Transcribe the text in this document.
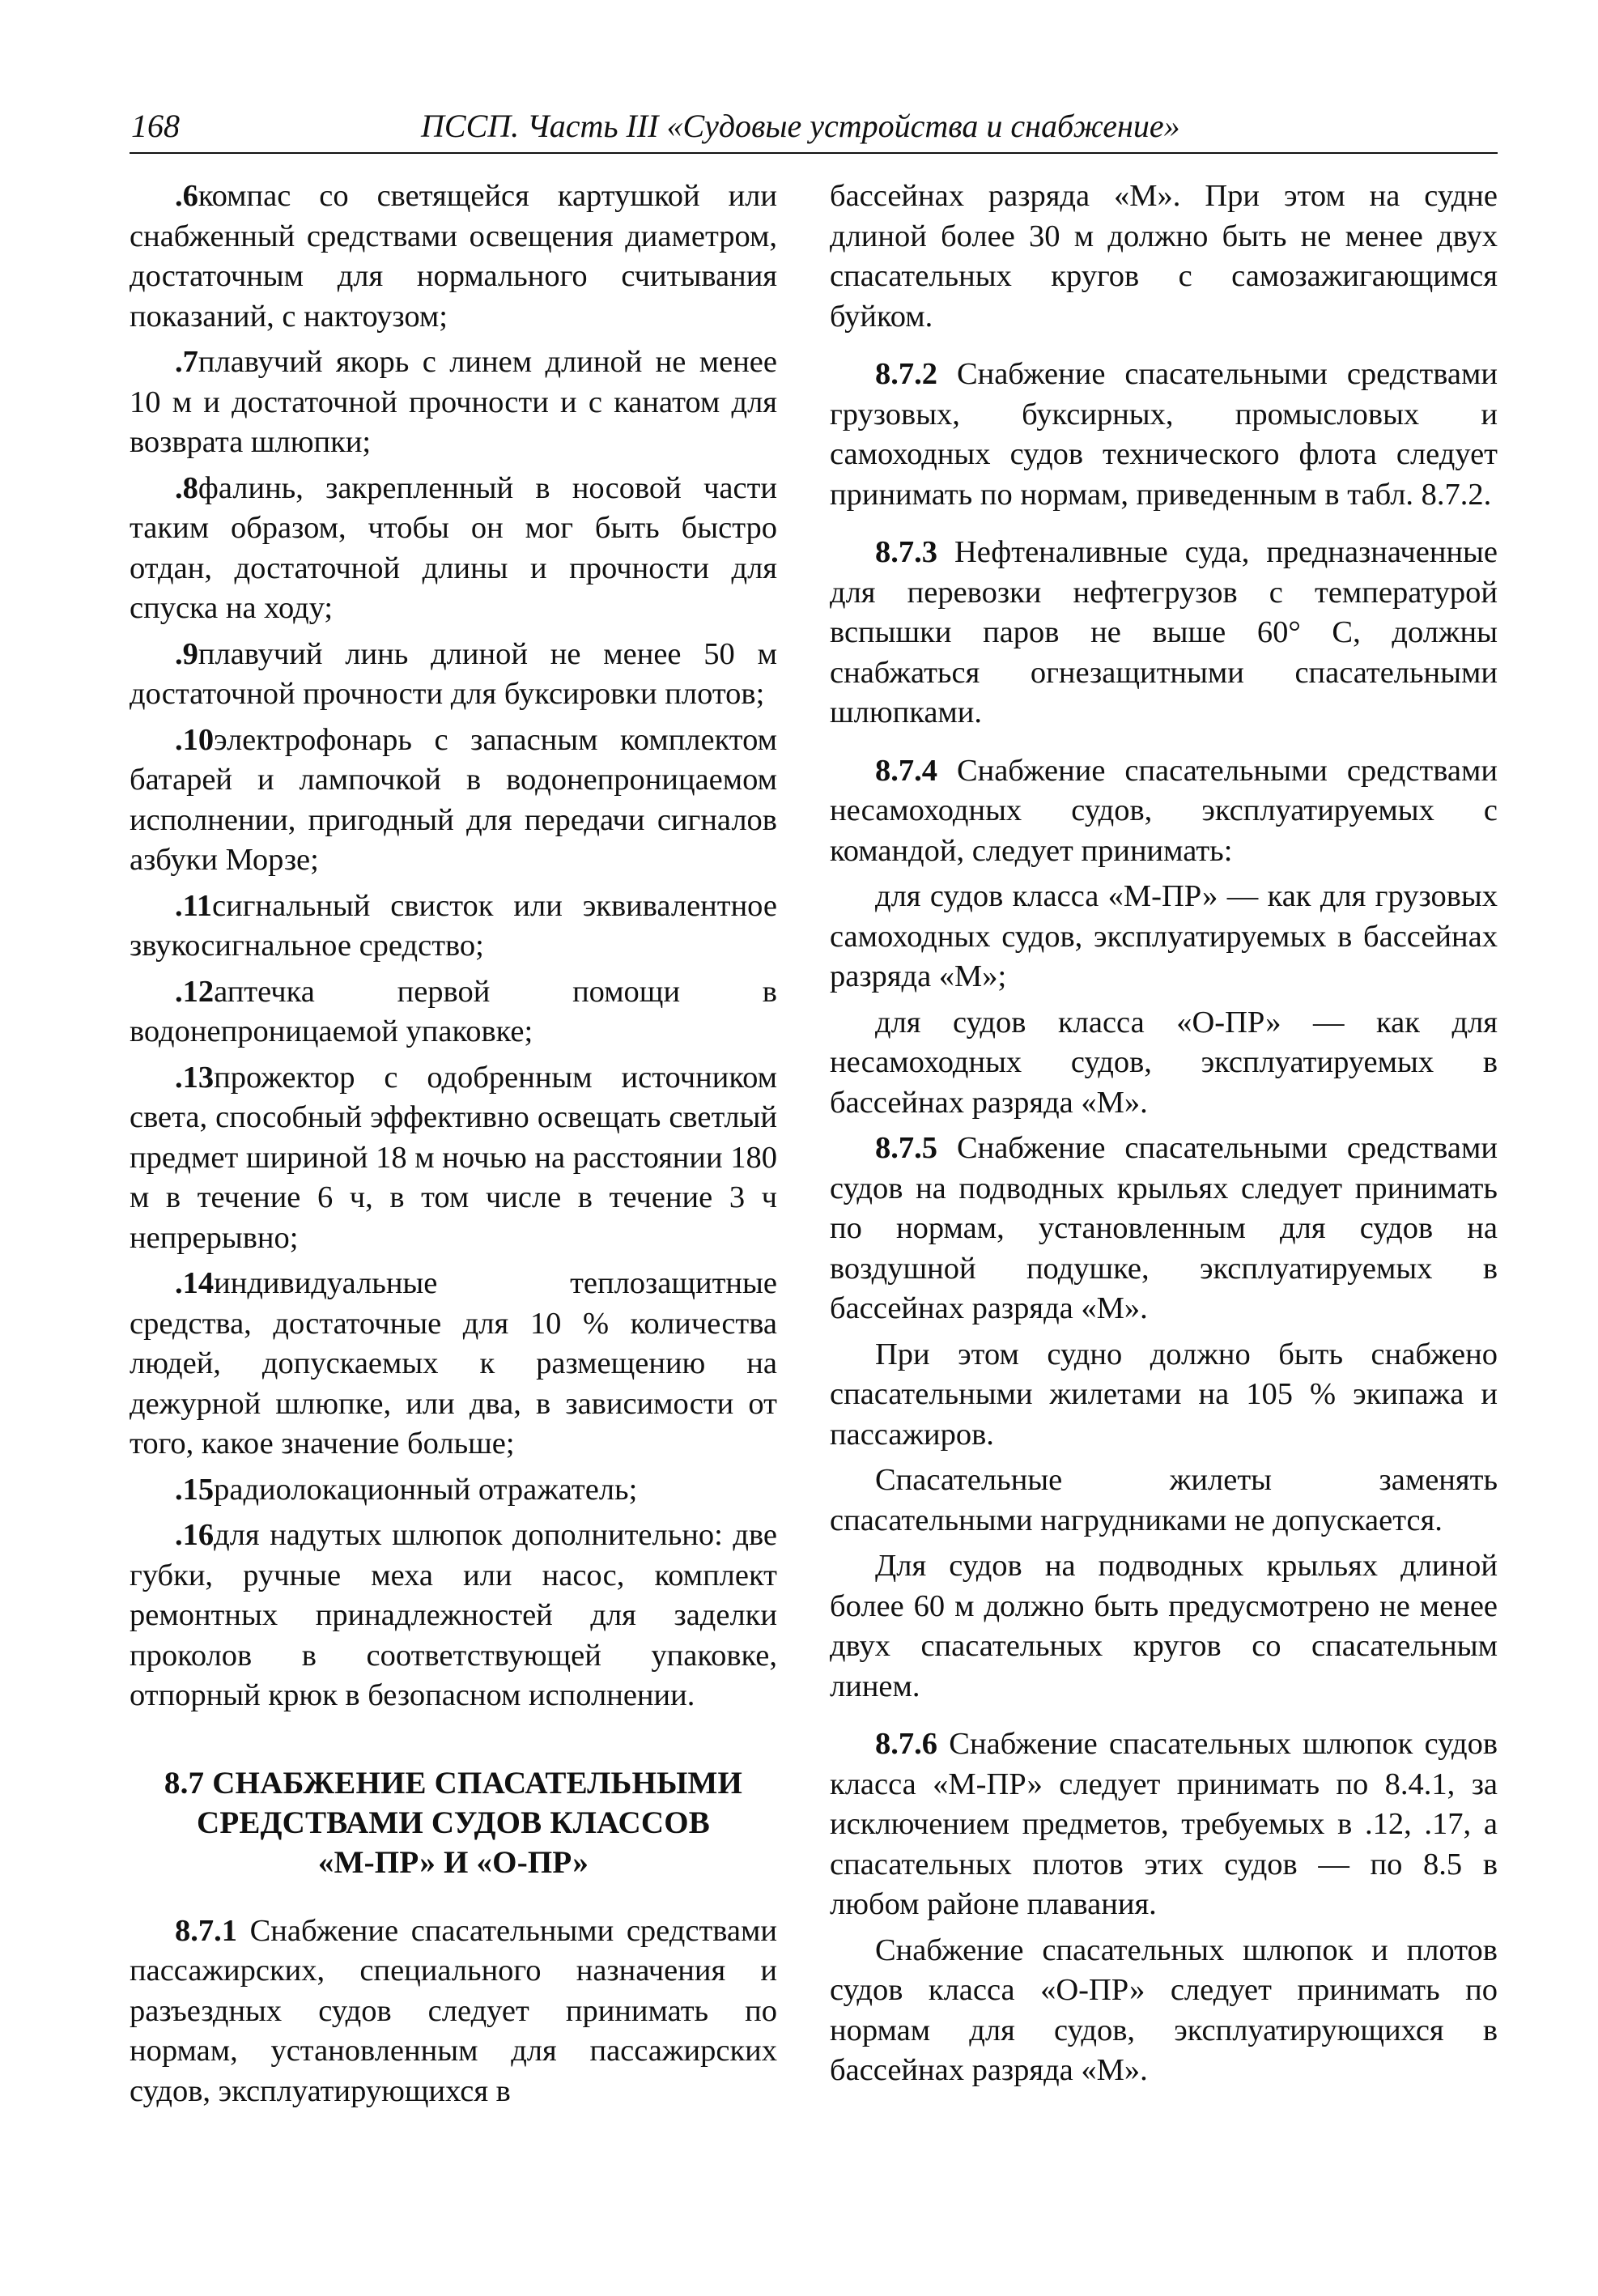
168	ПССП. Часть III «Судовые устройства и снабжение»

.6компас со светящейся картушкой или снабженный средствами освещения диаметром, достаточным для нормального считывания показаний, с нактоузом;

.7плавучий якорь с линем длиной не менее 10 м и достаточной прочности и с канатом для возврата шлюпки;

.8фалинь, закрепленный в носовой части таким образом, чтобы он мог быть быстро отдан, достаточной длины и прочности для спуска на ходу;

.9плавучий линь длиной не менее 50 м достаточной прочности для буксировки плотов;

.10электрофонарь с запасным комплектом батарей и лампочкой в водонепроницаемом исполнении, пригодный для передачи сигналов азбуки Морзе;

.11сигнальный свисток или эквивалентное звукосигнальное средство;

.12аптечка первой помощи в водонепроницаемой упаковке;

.13прожектор с одобренным источником света, способный эффективно освещать светлый предмет шириной 18 м ночью на расстоянии 180 м в течение 6 ч, в том числе в течение 3 ч непрерывно;

.14индивидуальные теплозащитные средства, достаточные для 10 % количества людей, допускаемых к размещению на дежурной шлюпке, или два, в зависимости от того, какое значение больше;

.15радиолокационный отражатель;

.16для надутых шлюпок дополнительно: две губки, ручные меха или насос, комплект ремонтных принадлежностей для заделки проколов в соответствующей упаковке, отпорный крюк в безопасном исполнении.

8.7 СНАБЖЕНИЕ СПАСАТЕЛЬНЫМИ
СРЕДСТВАМИ СУДОВ КЛАССОВ
«М-ПР» И «О-ПР»

8.7.1 Снабжение спасательными средствами пассажирских, специального назначения и разъездных судов следует принимать по нормам, установленным для пассажирских судов, эксплуатирующихся в

бассейнах разряда «М». При этом на судне длиной более 30 м должно быть не менее двух спасательных кругов с самозажигающимся буйком.

8.7.2 Снабжение спасательными средствами грузовых, буксирных, промысловых и самоходных судов технического флота следует принимать по нормам, приведенным в табл. 8.7.2.

8.7.3 Нефтеналивные суда, предназначенные для перевозки нефтегрузов с температурой вспышки паров не выше 60° С, должны снабжаться огнезащитными спасательными шлюпками.

8.7.4 Снабжение спасательными средствами несамоходных судов, эксплуатируемых с командой, следует принимать:

для судов класса «М-ПР» — как для грузовых самоходных судов, эксплуатируемых в бассейнах разряда «М»;

для судов класса «О-ПР» — как для несамоходных судов, эксплуатируемых в бассейнах разряда «М».

8.7.5 Снабжение спасательными средствами судов на подводных крыльях следует принимать по нормам, установленным для судов на воздушной подушке, эксплуатируемых в бассейнах разряда «М».

При этом судно должно быть снабжено спасательными жилетами на 105 % экипажа и пассажиров.

Спасательные жилеты заменять спасательными нагрудниками не допускается.

Для судов на подводных крыльях длиной более 60 м должно быть предусмотрено не менее двух спасательных кругов со спасательным линем.

8.7.6 Снабжение спасательных шлюпок судов класса «М-ПР» следует принимать по 8.4.1, за исключением предметов, требуемых в .12, .17, а спасательных плотов этих судов — по 8.5 в любом районе плавания.

Снабжение спасательных шлюпок и плотов судов класса «О-ПР» следует принимать по нормам для судов, эксплуатирующихся в бассейнах разряда «М».
